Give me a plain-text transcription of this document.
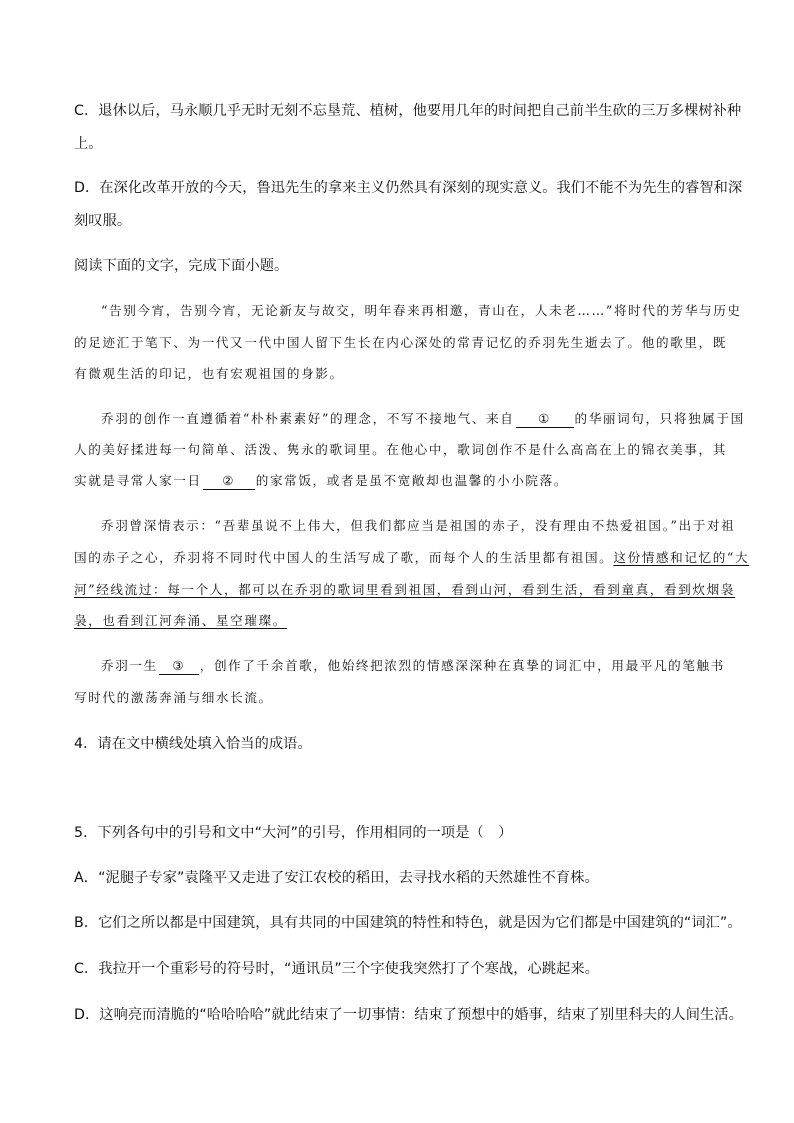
C．退休以后，马永顺几乎无时无刻不忘垦荒、植树，他要用几年的时间把自己前半生砍的三万多棵树补种
上。
D．在深化改革开放的今天，鲁迅先生的拿来主义仍然具有深刻的现实意义。我们不能不为先生的睿智和深
刻叹服。
阅读下面的文字，完成下面小题。
“告别今宵，告别今宵，无论新友与故交，明年春来再相邀，青山在，人未老……”将时代的芳华与历史
的足迹汇于笔下、为一代又一代中国人留下生长在内心深处的常青记忆的乔羽先生逝去了。他的歌里，既
有微观生活的印记，也有宏观祖国的身影。
乔羽的创作一直遵循着“朴朴素素好”的理念，不写不接地气、来自 ① 的华丽词句，只将独属于国
人的美好揉进每一句简单、活泼、隽永的歌词里。在他心中，歌词创作不是什么高高在上的锦衣美事，其
实就是寻常人家一日 ② 的家常饭，或者是虽不宽敞却也温馨的小小院落。
乔羽曾深情表示：“吾辈虽说不上伟大，但我们都应当是祖国的赤子，没有理由不热爱祖国。”出于对祖
国的赤子之心，乔羽将不同时代中国人的生活写成了歌，而每个人的生活里都有祖国。这份情感和记忆的“大
河”经线流过：每一个人，都可以在乔羽的歌词里看到祖国，看到山河，看到生活，看到童真，看到炊烟袅
袅，也看到江河奔涌、星空璀璨。
乔羽一生 ③ ，创作了千余首歌，他始终把浓烈的情感深深种在真挚的词汇中，用最平凡的笔触书
写时代的激荡奔涌与细水长流。
4．请在文中横线处填入恰当的成语。
5．下列各句中的引号和文中“大河”的引号，作用相同的一项是（　）
A．“泥腿子专家”袁隆平又走进了安江农校的稻田，去寻找水稻的天然雄性不育株。
B．它们之所以都是中国建筑，具有共同的中国建筑的特性和特色，就是因为它们都是中国建筑的“词汇”。
C．我拉开一个重彩号的符号时，“通讯员”三个字使我突然打了个寒战，心跳起来。
D．这响亮而清脆的“哈哈哈哈”就此结束了一切事情：结束了预想中的婚事，结束了别里科夫的人间生活。
